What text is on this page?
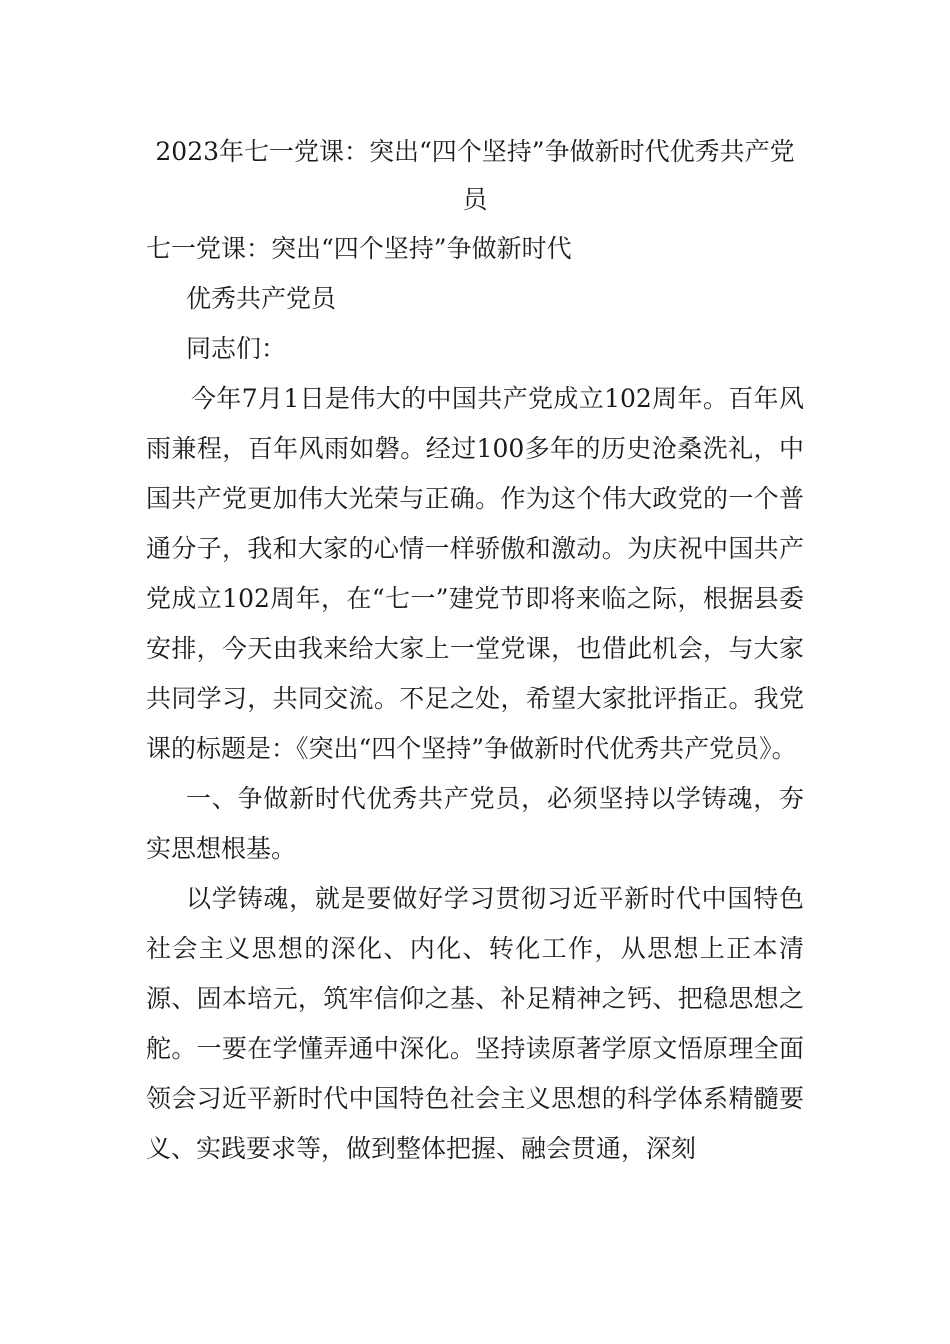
2023年七一党课：突出“四个坚持”争做新时代优秀共产党员

七一党课：突出“四个坚持”争做新时代

优秀共产党员

同志们：

今年7月1日是伟大的中国共产党成立102周年。百年风雨兼程，百年风雨如磐。经过100多年的历史沧桑洗礼，中国共产党更加伟大光荣与正确。作为这个伟大政党的一个普通分子，我和大家的心情一样骄傲和激动。为庆祝中国共产党成立102周年，在“七一”建党节即将来临之际，根据县委安排，今天由我来给大家上一堂党课，也借此机会，与大家共同学习，共同交流。不足之处，希望大家批评指正。我党课的标题是：《突出“四个坚持”争做新时代优秀共产党员》。

一、争做新时代优秀共产党员，必须坚持以学铸魂，夯实思想根基。

以学铸魂，就是要做好学习贯彻习近平新时代中国特色社会主义思想的深化、内化、转化工作，从思想上正本清源、固本培元，筑牢信仰之基、补足精神之钙、把稳思想之舵。一要在学懂弄通中深化。坚持读原著学原文悟原理全面领会习近平新时代中国特色社会主义思想的科学体系精髓要义、实践要求等，做到整体把握、融会贯通，深刻
